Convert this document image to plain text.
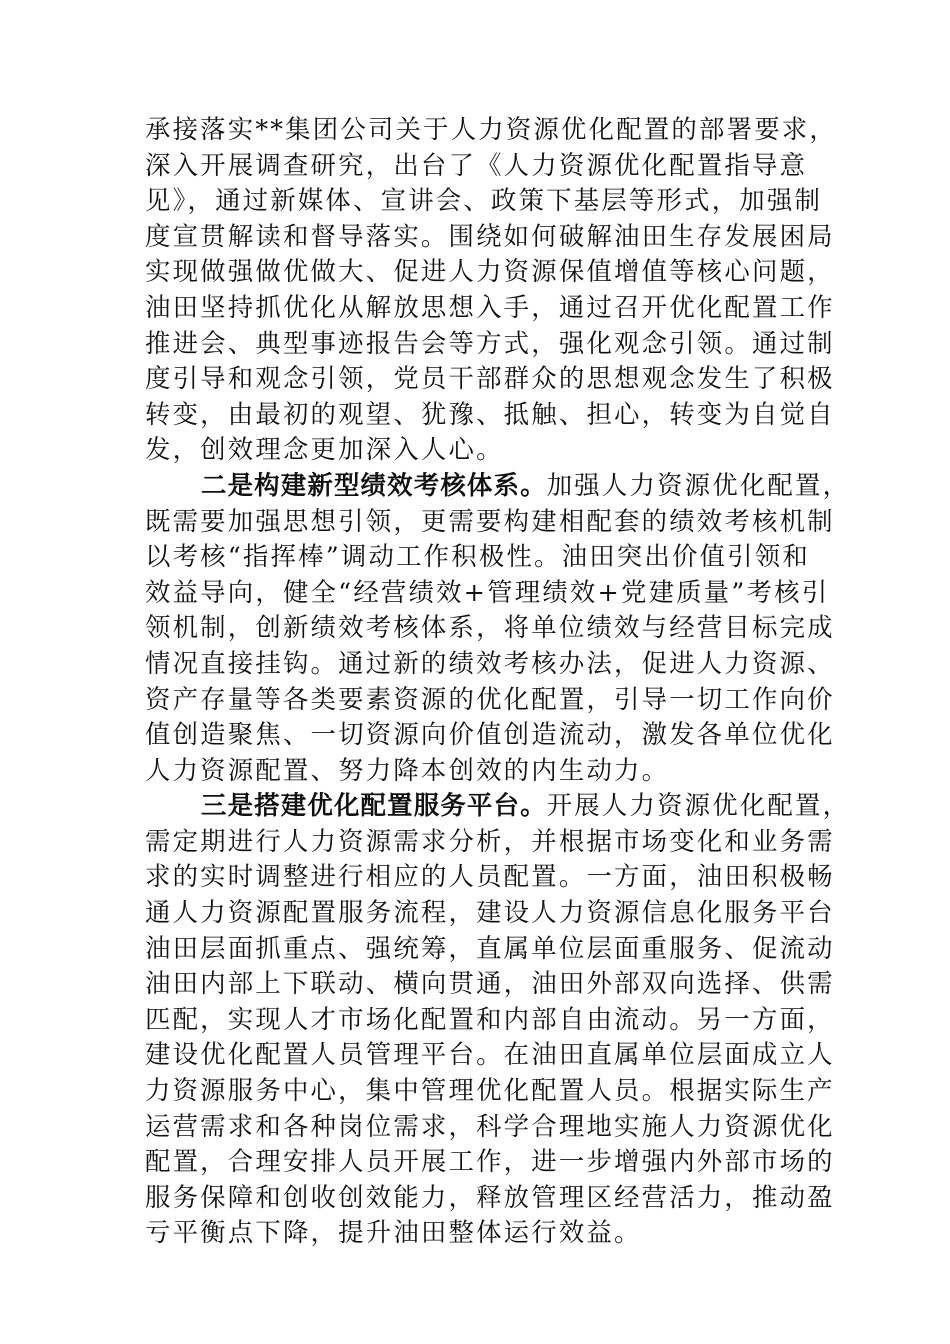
承接落实**集团公司关于人力资源优化配置的部署要求，
深入开展调查研究，出台了《人力资源优化配置指导意
见》，通过新媒体、宣讲会、政策下基层等形式，加强制
度宣贯解读和督导落实。围绕如何破解油田生存发展困局
实现做强做优做大、促进人力资源保值增值等核心问题，
油田坚持抓优化从解放思想入手，通过召开优化配置工作
推进会、典型事迹报告会等方式，强化观念引领。通过制
度引导和观念引领，党员干部群众的思想观念发生了积极
转变，由最初的观望、犹豫、抵触、担心，转变为自觉自
发，创效理念更加深入人心。
二是构建新型绩效考核体系。加强人力资源优化配置，
既需要加强思想引领，更需要构建相配套的绩效考核机制
以考核“指挥棒”调动工作积极性。油田突出价值引领和
效益导向，健全“经营绩效+管理绩效+党建质量”考核引
领机制，创新绩效考核体系，将单位绩效与经营目标完成
情况直接挂钩。通过新的绩效考核办法，促进人力资源、
资产存量等各类要素资源的优化配置，引导一切工作向价
值创造聚焦、一切资源向价值创造流动，激发各单位优化
人力资源配置、努力降本创效的内生动力。
三是搭建优化配置服务平台。开展人力资源优化配置，
需定期进行人力资源需求分析，并根据市场变化和业务需
求的实时调整进行相应的人员配置。一方面，油田积极畅
通人力资源配置服务流程，建设人力资源信息化服务平台
油田层面抓重点、强统筹，直属单位层面重服务、促流动
油田内部上下联动、横向贯通，油田外部双向选择、供需
匹配，实现人才市场化配置和内部自由流动。另一方面，
建设优化配置人员管理平台。在油田直属单位层面成立人
力资源服务中心，集中管理优化配置人员。根据实际生产
运营需求和各种岗位需求，科学合理地实施人力资源优化
配置，合理安排人员开展工作，进一步增强内外部市场的
服务保障和创收创效能力，释放管理区经营活力，推动盈
亏平衡点下降，提升油田整体运行效益。
